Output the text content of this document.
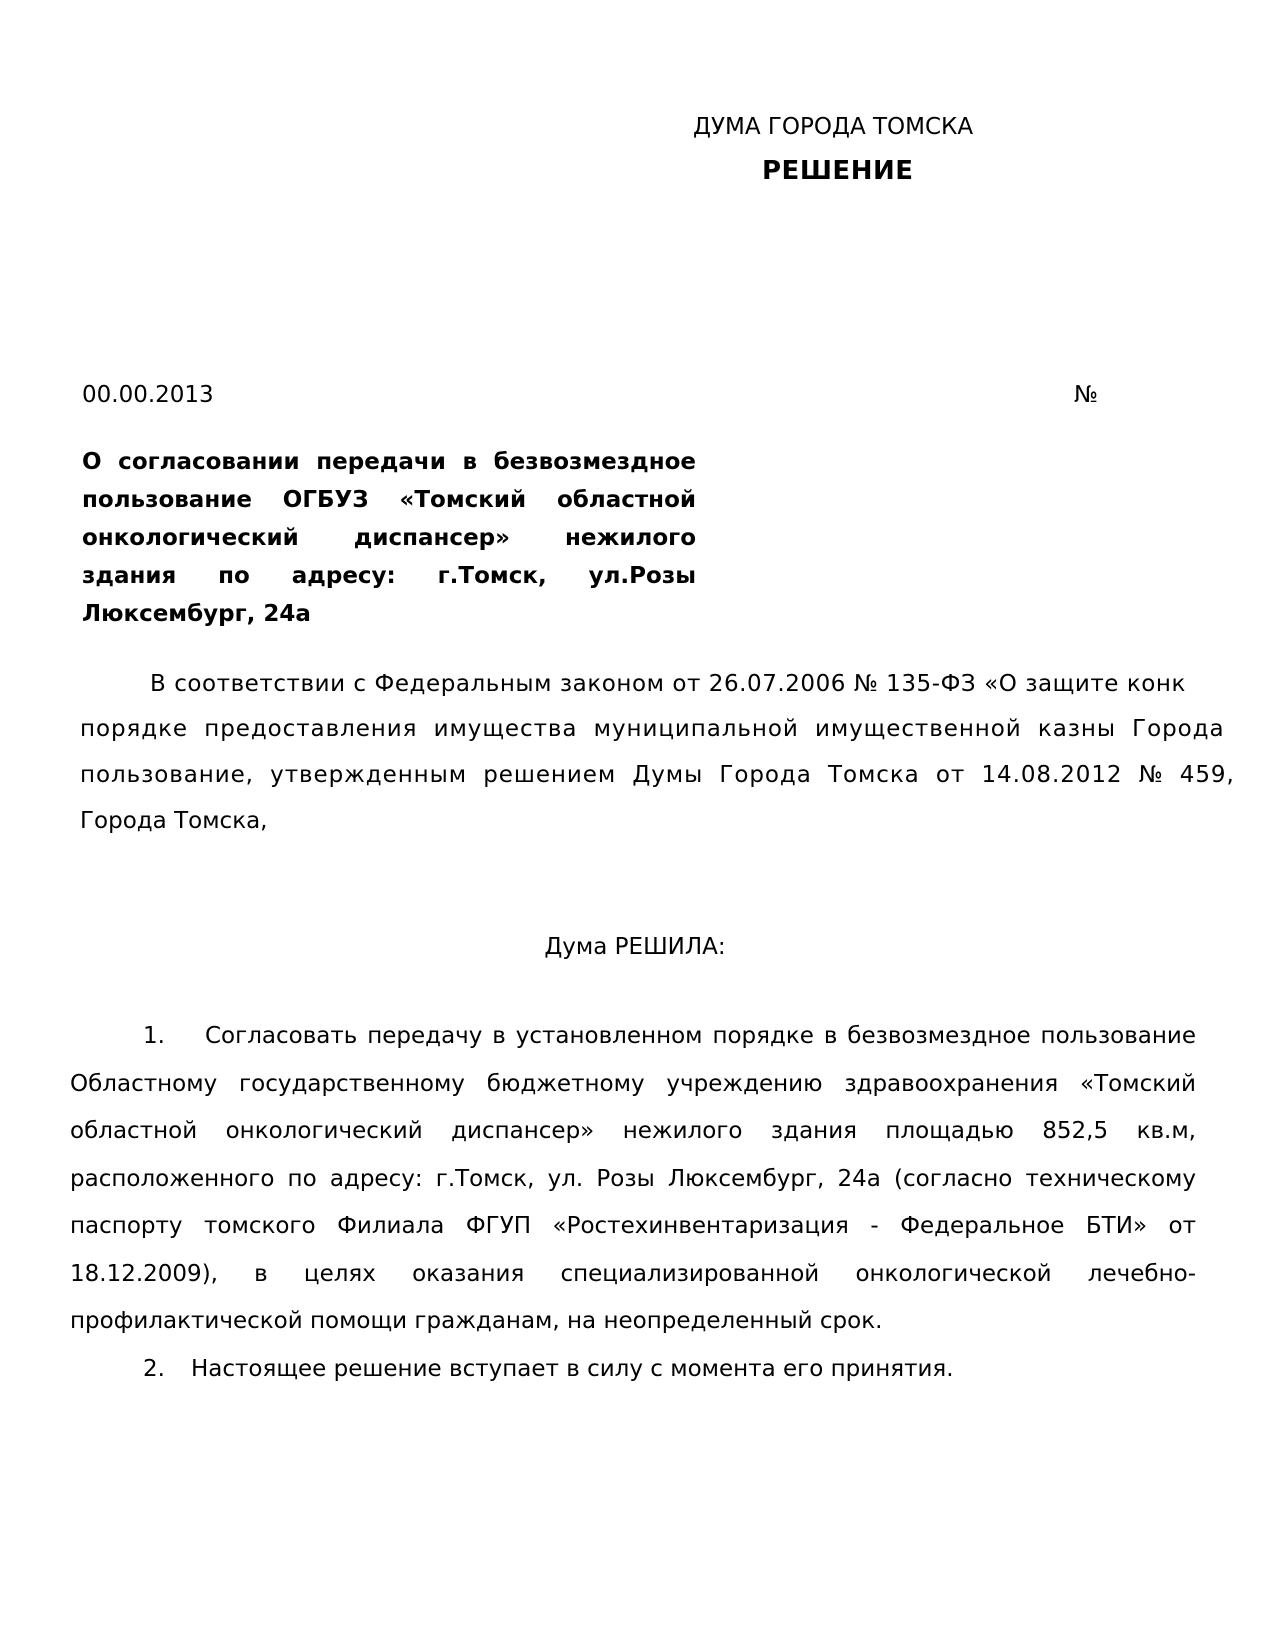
ДУМА ГОРОДА ТОМСКА
РЕШЕНИЕ
00.00.2013	№

О согласовании передачи в безвозмездное пользование ОГБУЗ «Томский областной онкологический диспансер» нежилого здания по адресу: г.Томск, ул.Розы Люксембург, 24а

В соответствии с Федеральным законом от 26.07.2006 № 135-ФЗ «О защите конк
порядке предоставления имущества муниципальной имущественной казны Города
пользование, утвержденным решением Думы Города Томска от 14.08.2012 № 459,
Города Томска,
Дума РЕШИЛА:

1. Согласовать передачу в установленном порядке в безвозмездное пользование Областному государственному бюджетному учреждению здравоохранения «Томский областной онкологический диспансер» нежилого здания площадью 852,5 кв.м, расположенного по адресу: г.Томск, ул. Розы Люксембург, 24а (согласно техническому паспорту томского Филиала ФГУП «Ростехинвентаризация - Федеральное БТИ» от 18.12.2009), в целях оказания специализированной онкологической лечебно-профилактической помощи гражданам, на неопределенный срок.

2. Настоящее решение вступает в силу с момента его принятия.
